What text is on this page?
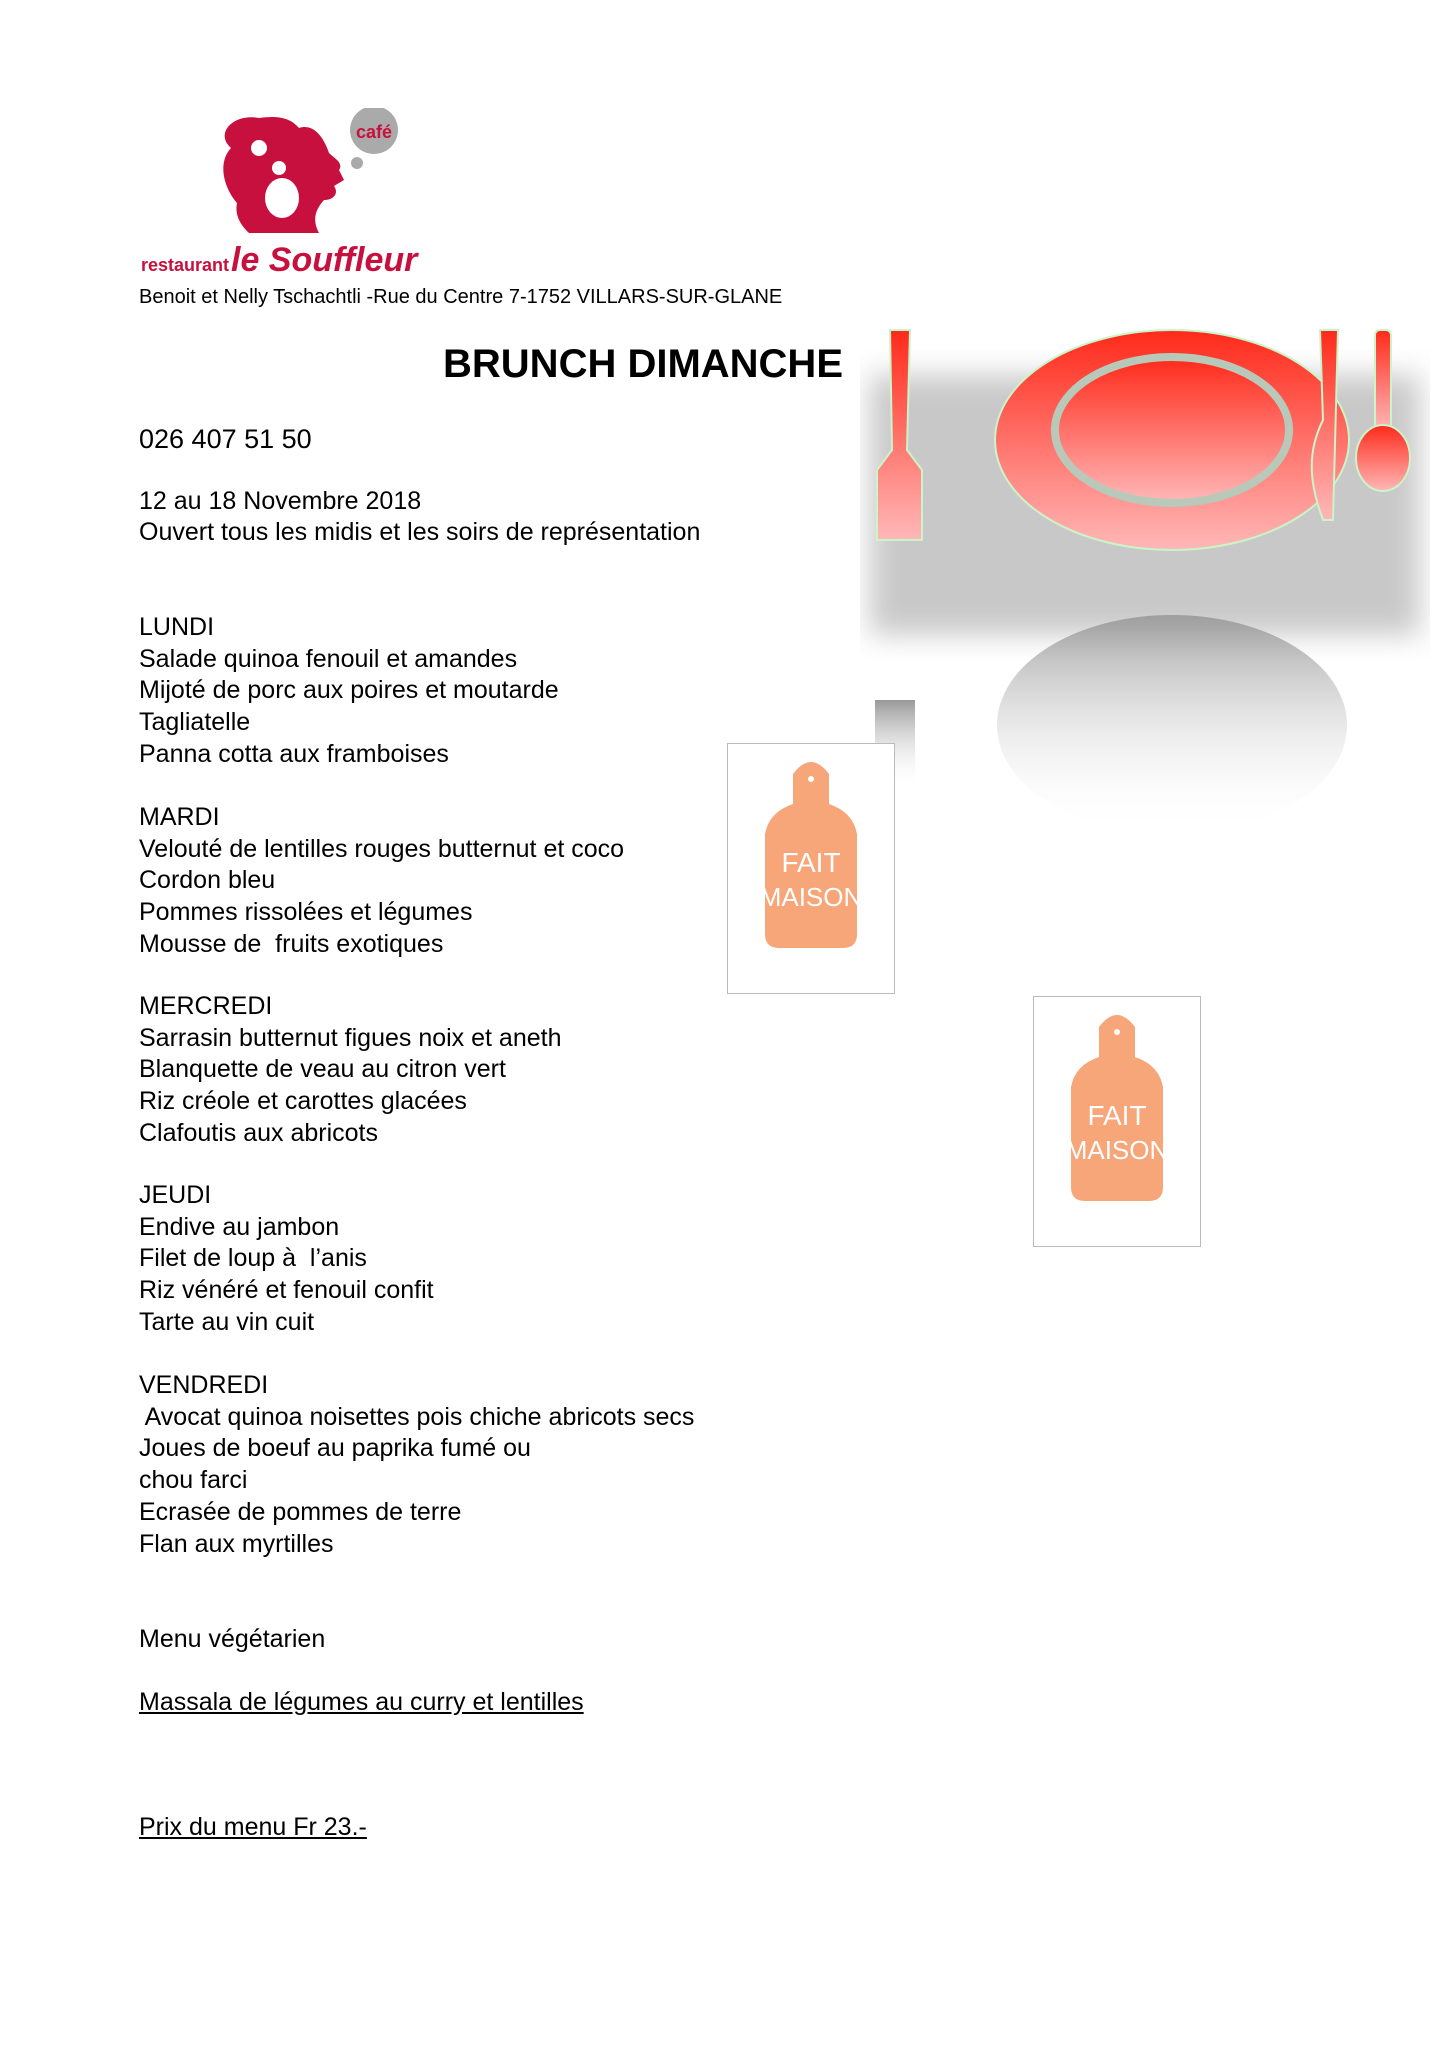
café
restaurant le Souffleur
Benoit et Nelly Tschachtli -Rue du Centre 7-1752 VILLARS-SUR-GLANE
BRUNCH DIMANCHE
026 407 51 50
12 au 18 Novembre 2018
Ouvert tous les midis et les soirs de représentation
LUNDI
Salade quinoa fenouil et amandes
Mijoté de porc aux poires et moutarde
Tagliatelle
Panna cotta aux framboises
MARDI
Velouté de lentilles rouges butternut et coco
Cordon bleu
Pommes rissolées et légumes
Mousse de  fruits exotiques
MERCREDI
Sarrasin butternut figues noix et aneth
Blanquette de veau au citron vert
Riz créole et carottes glacées
Clafoutis aux abricots
JEUDI
Endive au jambon
Filet de loup à  l’anis
Riz vénéré et fenouil confit
Tarte au vin cuit
VENDREDI
Avocat quinoa noisettes pois chiche abricots secs
Joues de boeuf au paprika fumé ou
chou farci
Ecrasée de pommes de terre
Flan aux myrtilles
Menu végétarien
Massala de légumes au curry et lentilles
Prix du menu Fr 23.-
FAIT
MAISON
FAIT
MAISON
